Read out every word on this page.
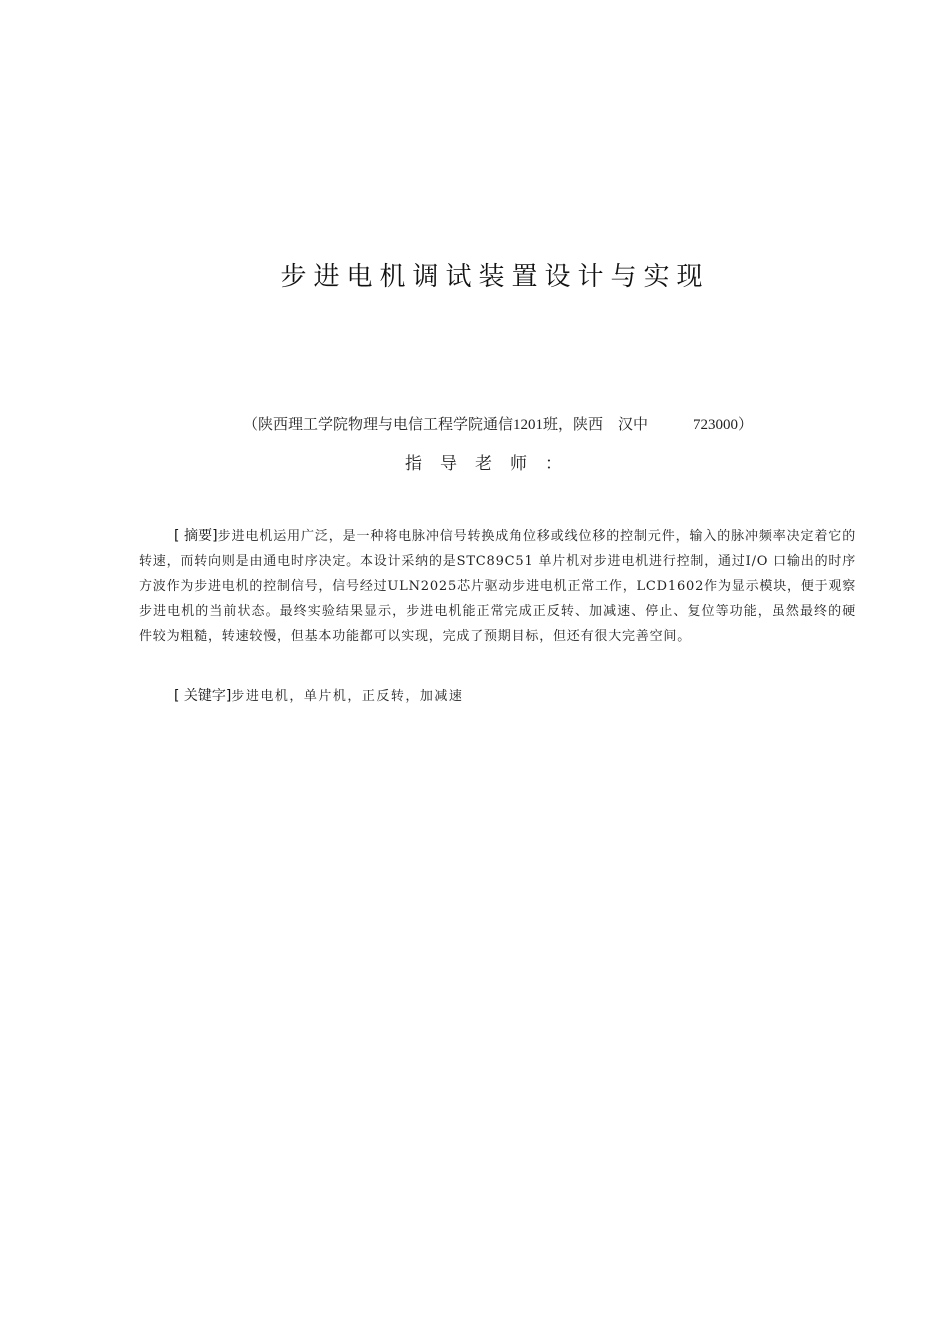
步进电机调试装置设计与实现
（陕西理工学院物理与电信工程学院通信1201班，陕西　汉中　　　723000）
指导老师：
[ 摘要]步进电机运用广泛，是一种将电脉冲信号转换成角位移或线位移的控制元件，输入的脉冲频率决定着它的转速，而转向则是由通电时序决定。本设计采纳的是STC89C51 单片机对步进电机进行控制，通过I/O 口输出的时序方波作为步进电机的控制信号，信号经过ULN2025芯片驱动步进电机正常工作，LCD1602作为显示模块，便于观察步进电机的当前状态。最终实验结果显示，步进电机能正常完成正反转、加减速、停止、复位等功能，虽然最终的硬件较为粗糙，转速较慢，但基本功能都可以实现，完成了预期目标，但还有很大完善空间。
[ 关键字]步进电机，单片机，正反转，加减速
